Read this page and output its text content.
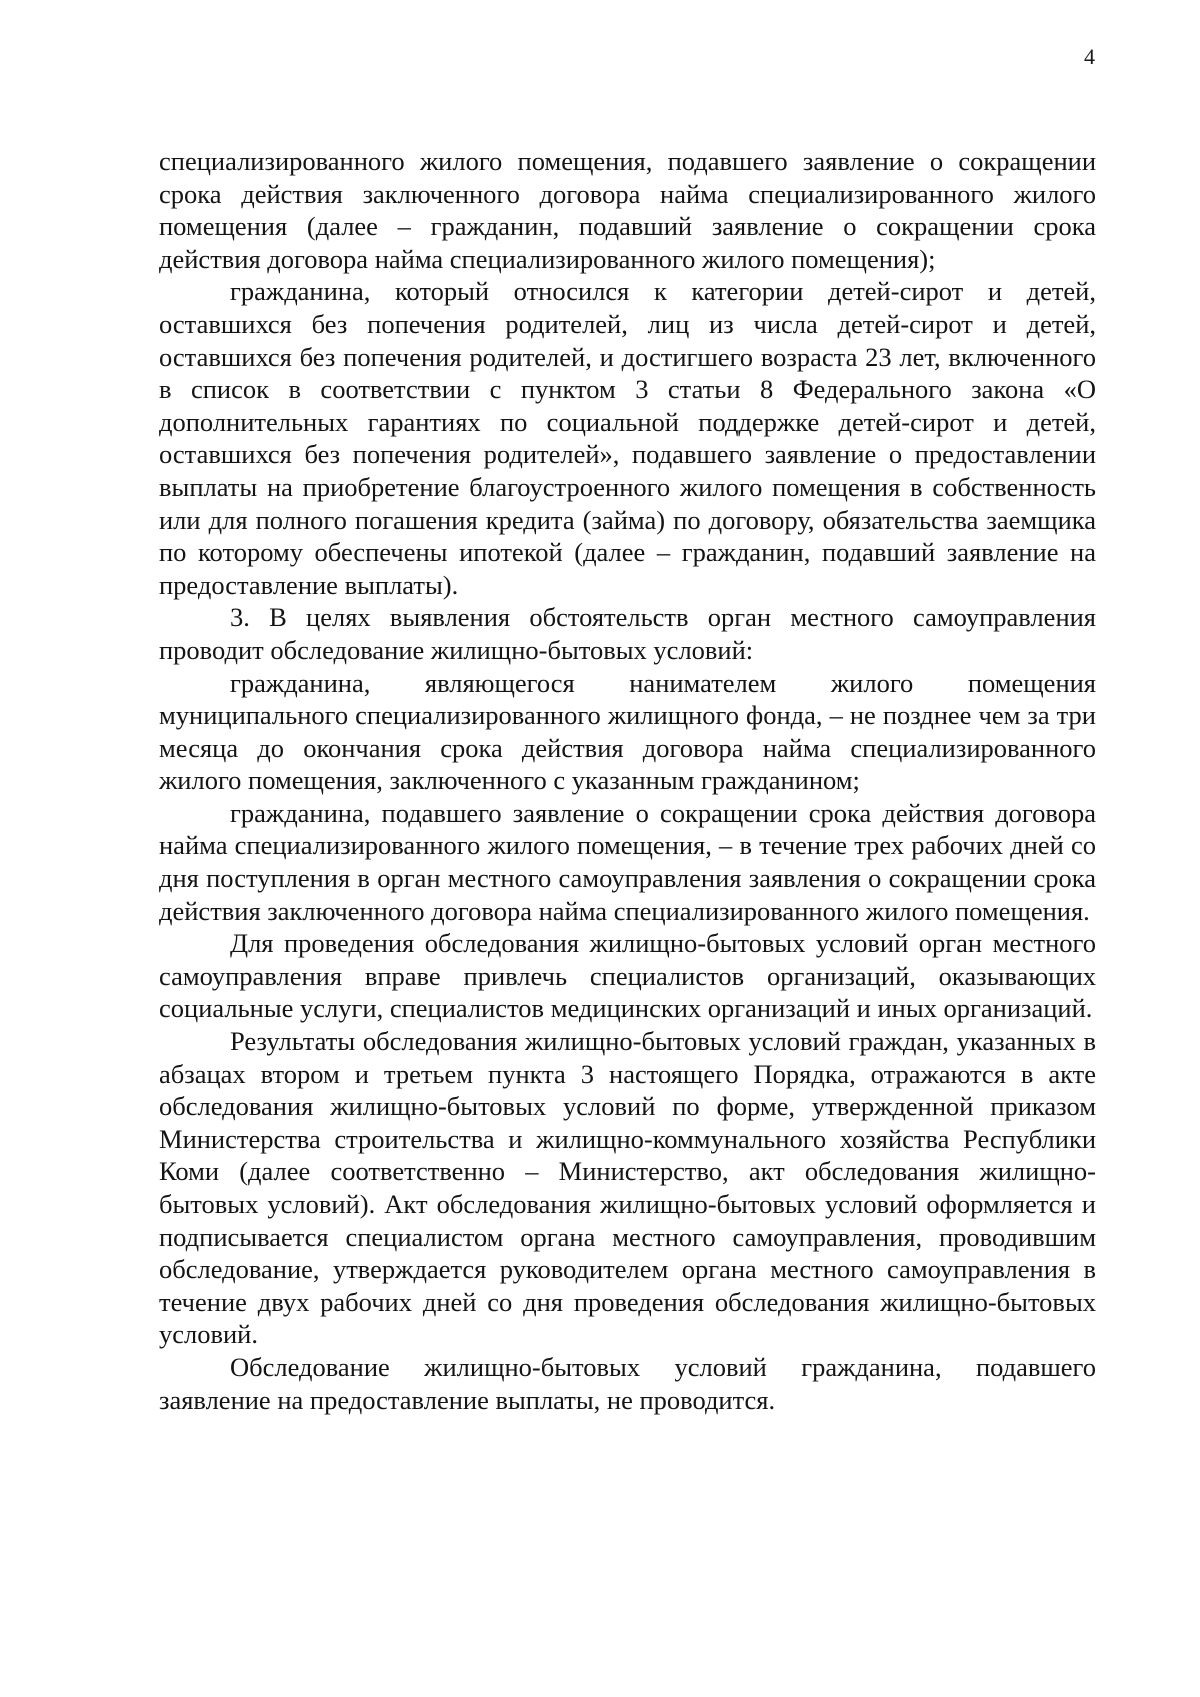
4

специализированного жилого помещения, подавшего заявление о сокращении срока действия заключенного договора найма специализированного жилого помещения (далее – гражданин, подавший заявление о сокращении срока действия договора найма специализированного жилого помещения);

гражданина, который относился к категории детей-сирот и детей, оставшихся без попечения родителей, лиц из числа детей-сирот и детей, оставшихся без попечения родителей, и достигшего возраста 23 лет, включенного в список в соответствии с пунктом 3 статьи 8 Федерального закона «О дополнительных гарантиях по социальной поддержке детей-сирот и детей, оставшихся без попечения родителей», подавшего заявление о предоставлении выплаты на приобретение благоустроенного жилого помещения в собственность или для полного погашения кредита (займа) по договору, обязательства заемщика по которому обеспечены ипотекой (далее – гражданин, подавший заявление на предоставление выплаты).

3. В целях выявления обстоятельств орган местного самоуправления проводит обследование жилищно-бытовых условий:

гражданина, являющегося нанимателем жилого помещения муниципального специализированного жилищного фонда, – не позднее чем за три месяца до окончания срока действия договора найма специализированного жилого помещения, заключенного с указанным гражданином;

гражданина, подавшего заявление о сокращении срока действия договора найма специализированного жилого помещения, – в течение трех рабочих дней со дня поступления в орган местного самоуправления заявления о сокращении срока действия заключенного договора найма специализированного жилого помещения.

Для проведения обследования жилищно-бытовых условий орган местного самоуправления вправе привлечь специалистов организаций, оказывающих социальные услуги, специалистов медицинских организаций и иных организаций.

Результаты обследования жилищно-бытовых условий граждан, указанных в абзацах втором и третьем пункта 3 настоящего Порядка, отражаются в акте обследования жилищно-бытовых условий по форме, утвержденной приказом Министерства строительства и жилищно-коммунального хозяйства Республики Коми (далее соответственно – Министерство, акт обследования жилищно-бытовых условий). Акт обследования жилищно-бытовых условий оформляется и подписывается специалистом органа местного самоуправления, проводившим обследование, утверждается руководителем органа местного самоуправления в течение двух рабочих дней со дня проведения обследования жилищно-бытовых условий.

Обследование жилищно-бытовых условий гражданина, подавшего заявление на предоставление выплаты, не проводится.
